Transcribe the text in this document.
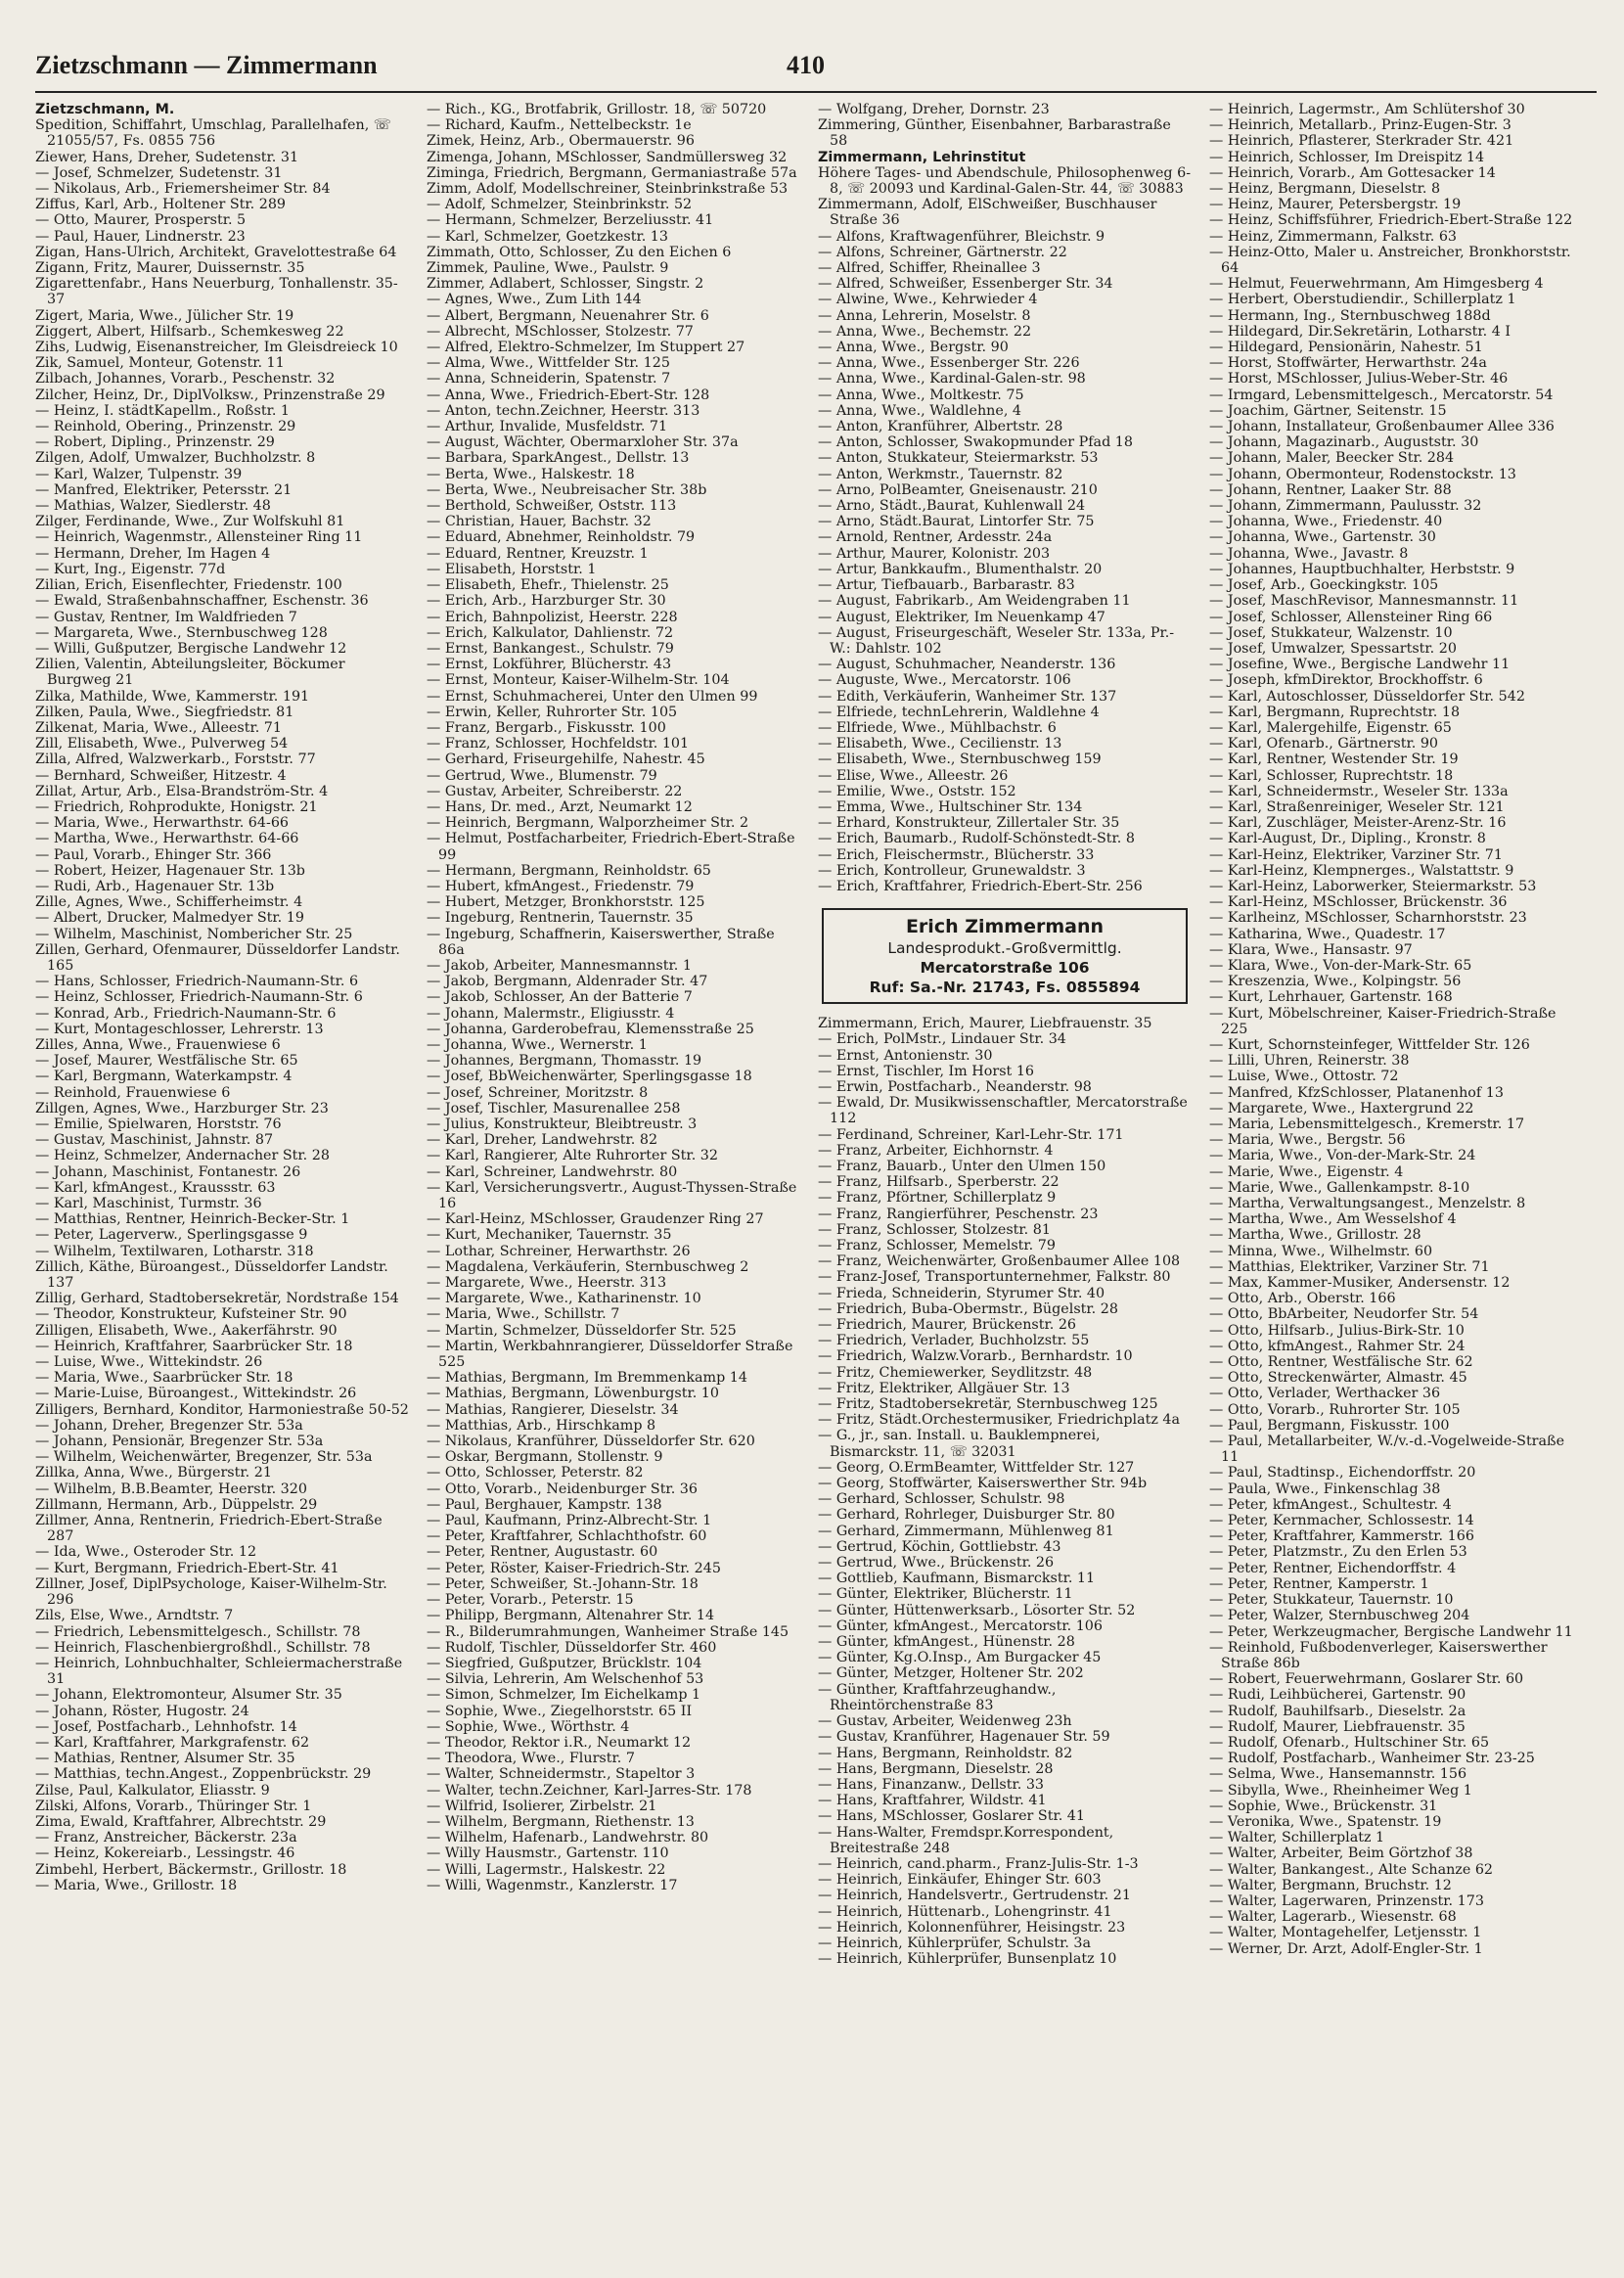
Zietzschmann — Zimmermann	410
Zietzschmann, M.
Spedition, Schiffahrt, Umschlag, Parallelhafen, ☏ 21055/57, Fs. 0855 756
Ziewer, Hans, Dreher, Sudetenstr. 31
— Josef, Schmelzer, Sudetenstr. 31
— Nikolaus, Arb., Friemersheimer Str. 84
Ziffus, Karl, Arb., Holtener Str. 289
— Otto, Maurer, Prosperstr. 5
— Paul, Hauer, Lindnerstr. 23
Zigan, Hans-Ulrich, Architekt, Gravelottestraße 64
Zigann, Fritz, Maurer, Duissernstr. 35
Zigarettenfabr., Hans Neuerburg, Tonhallenstr. 35-37
Zigert, Maria, Wwe., Jülicher Str. 19
Ziggert, Albert, Hilfsarb., Schemkesweg 22
Zihs, Ludwig, Eisenanstreicher, Im Gleisdreieck 10
Zik, Samuel, Monteur, Gotenstr. 11
Zilbach, Johannes, Vorarb., Peschenstr. 32
Zilcher, Heinz, Dr., DiplVolksw., Prinzenstraße 29
— Heinz, I. städtKapellm., Roßstr. 1
— Reinhold, Obering., Prinzenstr. 29
— Robert, Dipling., Prinzenstr. 29
Zilgen, Adolf, Umwalzer, Buchholzstr. 8
— Karl, Walzer, Tulpenstr. 39
— Manfred, Elektriker, Petersstr. 21
— Mathias, Walzer, Siedlerstr. 48
Zilger, Ferdinande, Wwe., Zur Wolfskuhl 81
— Heinrich, Wagenmstr., Allensteiner Ring 11
— Hermann, Dreher, Im Hagen 4
— Kurt, Ing., Eigenstr. 77d
Zilian, Erich, Eisenflechter, Friedenstr. 100
— Ewald, Straßenbahnschaffner, Eschenstr. 36
— Gustav, Rentner, Im Waldfrieden 7
— Margareta, Wwe., Sternbuschweg 128
— Willi, Gußputzer, Bergische Landwehr 12
Zilien, Valentin, Abteilungsleiter, Böckumer Burgweg 21
Zilka, Mathilde, Wwe, Kammerstr. 191
Zilken, Paula, Wwe., Siegfriedstr. 81
Zilkenat, Maria, Wwe., Alleestr. 71
Zill, Elisabeth, Wwe., Pulverweg 54
Zilla, Alfred, Walzwerkarb., Forststr. 77
— Bernhard, Schweißer, Hitzestr. 4
Zillat, Artur, Arb., Elsa-Brandström-Str. 4
— Friedrich, Rohprodukte, Honigstr. 21
— Maria, Wwe., Herwarthstr. 64-66
— Martha, Wwe., Herwarthstr. 64-66
— Paul, Vorarb., Ehinger Str. 366
— Robert, Heizer, Hagenauer Str. 13b
— Rudi, Arb., Hagenauer Str. 13b
Zille, Agnes, Wwe., Schifferheimstr. 4
— Albert, Drucker, Malmedyer Str. 19
— Wilhelm, Maschinist, Nombericher Str. 25
Zillen, Gerhard, Ofenmaurer, Düsseldorfer Landstr. 165
— Hans, Schlosser, Friedrich-Naumann-Str. 6
— Heinz, Schlosser, Friedrich-Naumann-Str. 6
— Konrad, Arb., Friedrich-Naumann-Str. 6
— Kurt, Montageschlosser, Lehrerstr. 13
Zilles, Anna, Wwe., Frauenwiese 6
— Josef, Maurer, Westfälische Str. 65
— Karl, Bergmann, Waterkampstr. 4
— Reinhold, Frauenwiese 6
Zillgen, Agnes, Wwe., Harzburger Str. 23
— Emilie, Spielwaren, Horststr. 76
— Gustav, Maschinist, Jahnstr. 87
— Heinz, Schmelzer, Andernacher Str. 28
— Johann, Maschinist, Fontanestr. 26
— Karl, kfmAngest., Kraussstr. 63
— Karl, Maschinist, Turmstr. 36
— Matthias, Rentner, Heinrich-Becker-Str. 1
— Peter, Lagerverw., Sperlingsgasse 9
— Wilhelm, Textilwaren, Lotharstr. 318
Zillich, Käthe, Büroangest., Düsseldorfer Landstr. 137
Zillig, Gerhard, Stadtobersekretär, Nordstraße 154
— Theodor, Konstrukteur, Kufsteiner Str. 90
Zilligen, Elisabeth, Wwe., Aakerfährstr. 90
— Heinrich, Kraftfahrer, Saarbrücker Str. 18
— Luise, Wwe., Wittekindstr. 26
— Maria, Wwe., Saarbrücker Str. 18
— Marie-Luise, Büroangest., Wittekindstr. 26
Zilligers, Bernhard, Konditor, Harmoniestraße 50-52
— Johann, Dreher, Bregenzer Str. 53a
— Johann, Pensionär, Bregenzer Str. 53a
— Wilhelm, Weichenwärter, Bregenzer, Str. 53a
Zillka, Anna, Wwe., Bürgerstr. 21
— Wilhelm, B.B.Beamter, Heerstr. 320
Zillmann, Hermann, Arb., Düppelstr. 29
Zillmer, Anna, Rentnerin, Friedrich-Ebert-Straße 287
— Ida, Wwe., Osteroder Str. 12
— Kurt, Bergmann, Friedrich-Ebert-Str. 41
Zillner, Josef, DiplPsychologe, Kaiser-Wilhelm-Str. 296
Zils, Else, Wwe., Arndtstr. 7
— Friedrich, Lebensmittelgesch., Schillstr. 78
— Heinrich, Flaschenbiergroßhdl., Schillstr. 78
— Heinrich, Lohnbuchhalter, Schleiermacherstraße 31
— Johann, Elektromonteur, Alsumer Str. 35
— Johann, Röster, Hugostr. 24
— Josef, Postfacharb., Lehnhofstr. 14
— Karl, Kraftfahrer, Markgrafenstr. 62
— Mathias, Rentner, Alsumer Str. 35
— Matthias, techn.Angest., Zoppenbrückstr. 29
Zilse, Paul, Kalkulator, Eliasstr. 9
Zilski, Alfons, Vorarb., Thüringer Str. 1
Zima, Ewald, Kraftfahrer, Albrechtstr. 29
— Franz, Anstreicher, Bäckerstr. 23a
— Heinz, Kokereiarb., Lessingstr. 46
Zimbehl, Herbert, Bäckermstr., Grillostr. 18
— Maria, Wwe., Grillostr. 18
— Rich., KG., Brotfabrik, Grillostr. 18, ☏ 50720
— Richard, Kaufm., Nettelbeckstr. 1e
Zimek, Heinz, Arb., Obermauerstr. 96
Zimenga, Johann, MSchlosser, Sandmüllersweg 32
Ziminga, Friedrich, Bergmann, Germaniastraße 57a
Zimm, Adolf, Modellschreiner, Steinbrinkstraße 53
— Adolf, Schmelzer, Steinbrinkstr. 52
— Hermann, Schmelzer, Berzeliusstr. 41
— Karl, Schmelzer, Goetzkestr. 13
Zimmath, Otto, Schlosser, Zu den Eichen 6
Zimmek, Pauline, Wwe., Paulstr. 9
Zimmer, Adlabert, Schlosser, Singstr. 2
— Agnes, Wwe., Zum Lith 144
— Albert, Bergmann, Neuenahrer Str. 6
— Albrecht, MSchlosser, Stolzestr. 77
— Alfred, Elektro-Schmelzer, Im Stuppert 27
— Alma, Wwe., Wittfelder Str. 125
— Anna, Schneiderin, Spatenstr. 7
— Anna, Wwe., Friedrich-Ebert-Str. 128
— Anton, techn.Zeichner, Heerstr. 313
— Arthur, Invalide, Musfeldstr. 71
— August, Wächter, Obermarxloher Str. 37a
— Barbara, SparkAngest., Dellstr. 13
— Berta, Wwe., Halskestr. 18
— Berta, Wwe., Neubreisacher Str. 38b
— Berthold, Schweißer, Oststr. 113
— Christian, Hauer, Bachstr. 32
— Eduard, Abnehmer, Reinholdstr. 79
— Eduard, Rentner, Kreuzstr. 1
— Elisabeth, Horststr. 1
— Elisabeth, Ehefr., Thielenstr. 25
— Erich, Arb., Harzburger Str. 30
— Erich, Bahnpolizist, Heerstr. 228
— Erich, Kalkulator, Dahlienstr. 72
— Ernst, Bankangest., Schulstr. 79
— Ernst, Lokführer, Blücherstr. 43
— Ernst, Monteur, Kaiser-Wilhelm-Str. 104
— Ernst, Schuhmacherei, Unter den Ulmen 99
— Erwin, Keller, Ruhrorter Str. 105
— Franz, Bergarb., Fiskusstr. 100
— Franz, Schlosser, Hochfeldstr. 101
— Gerhard, Friseurgehilfe, Nahestr. 45
— Gertrud, Wwe., Blumenstr. 79
— Gustav, Arbeiter, Schreiberstr. 22
— Hans, Dr. med., Arzt, Neumarkt 12
— Heinrich, Bergmann, Walporzheimer Str. 2
— Helmut, Postfacharbeiter, Friedrich-Ebert-Straße 99
— Hermann, Bergmann, Reinholdstr. 65
— Hubert, kfmAngest., Friedenstr. 79
— Hubert, Metzger, Bronkhorststr. 125
— Ingeburg, Rentnerin, Tauernstr. 35
— Ingeburg, Schaffnerin, Kaiserswerther, Straße 86a
— Jakob, Arbeiter, Mannesmannstr. 1
— Jakob, Bergmann, Aldenrader Str. 47
— Jakob, Schlosser, An der Batterie 7
— Johann, Malermstr., Eligiusstr. 4
— Johanna, Garderobefrau, Klemensstraße 25
— Johanna, Wwe., Wernerstr. 1
— Johannes, Bergmann, Thomasstr. 19
— Josef, BbWeichenwärter, Sperlingsgasse 18
— Josef, Schreiner, Moritzstr. 8
— Josef, Tischler, Masurenallee 258
— Julius, Konstrukteur, Bleibtreustr. 3
— Karl, Dreher, Landwehrstr. 82
— Karl, Rangierer, Alte Ruhrorter Str. 32
— Karl, Schreiner, Landwehrstr. 80
— Karl, Versicherungsvertr., August-Thyssen-Straße 16
— Karl-Heinz, MSchlosser, Graudenzer Ring 27
— Kurt, Mechaniker, Tauernstr. 35
— Lothar, Schreiner, Herwarthstr. 26
— Magdalena, Verkäuferin, Sternbuschweg 2
— Margarete, Wwe., Heerstr. 313
— Margarete, Wwe., Katharinenstr. 10
— Maria, Wwe., Schillstr. 7
— Martin, Schmelzer, Düsseldorfer Str. 525
— Martin, Werkbahnrangierer, Düsseldorfer Straße 525
— Mathias, Bergmann, Im Bremmenkamp 14
— Mathias, Bergmann, Löwenburgstr. 10
— Mathias, Rangierer, Dieselstr. 34
— Matthias, Arb., Hirschkamp 8
— Nikolaus, Kranführer, Düsseldorfer Str. 620
— Oskar, Bergmann, Stollenstr. 9
— Otto, Schlosser, Peterstr. 82
— Otto, Vorarb., Neidenburger Str. 36
— Paul, Berghauer, Kampstr. 138
— Paul, Kaufmann, Prinz-Albrecht-Str. 1
— Peter, Kraftfahrer, Schlachthofstr. 60
— Peter, Rentner, Augustastr. 60
— Peter, Röster, Kaiser-Friedrich-Str. 245
— Peter, Schweißer, St.-Johann-Str. 18
— Peter, Vorarb., Peterstr. 15
— Philipp, Bergmann, Altenahrer Str. 14
— R., Bilderumrahmungen, Wanheimer Straße 145
— Rudolf, Tischler, Düsseldorfer Str. 460
— Siegfried, Gußputzer, Brücklstr. 104
— Silvia, Lehrerin, Am Welschenhof 53
— Simon, Schmelzer, Im Eichelkamp 1
— Sophie, Wwe., Ziegelhorststr. 65 II
— Sophie, Wwe., Wörthstr. 4
— Theodor, Rektor i.R., Neumarkt 12
— Theodora, Wwe., Flurstr. 7
— Walter, Schneidermstr., Stapeltor 3
— Walter, techn.Zeichner, Karl-Jarres-Str. 178
— Wilfrid, Isolierer, Zirbelstr. 21
— Wilhelm, Bergmann, Riethenstr. 13
— Wilhelm, Hafenarb., Landwehrstr. 80
— Willy Hausmstr., Gartenstr. 110
— Willi, Lagermstr., Halskestr. 22
— Willi, Wagenmstr., Kanzlerstr. 17
— Wolfgang, Dreher, Dornstr. 23
Zimmering, Günther, Eisenbahner, Barbarastraße 58
Zimmermann, Lehrinstitut
Höhere Tages- und Abendschule, Philosophenweg 6-8, ☏ 20093 und Kardinal-Galen-Str. 44, ☏ 30883
Zimmermann, Adolf, ElSchweißer, Buschhauser Straße 36
— Alfons, Kraftwagenführer, Bleichstr. 9
— Alfons, Schreiner, Gärtnerstr. 22
— Alfred, Schiffer, Rheinallee 3
— Alfred, Schweißer, Essenberger Str. 34
— Alwine, Wwe., Kehrwieder 4
— Anna, Lehrerin, Moselstr. 8
— Anna, Wwe., Bechemstr. 22
— Anna, Wwe., Bergstr. 90
— Anna, Wwe., Essenberger Str. 226
— Anna, Wwe., Kardinal-Galen-str. 98
— Anna, Wwe., Moltkestr. 75
— Anna, Wwe., Waldlehne, 4
— Anton, Kranführer, Albertstr. 28
— Anton, Schlosser, Swakopmunder Pfad 18
— Anton, Stukkateur, Steiermarkstr. 53
— Anton, Werkmstr., Tauernstr. 82
— Arno, PolBeamter, Gneisenaustr. 210
— Arno, Städt.,Baurat, Kuhlenwall 24
— Arno, Städt.Baurat, Lintorfer Str. 75
— Arnold, Rentner, Ardesstr. 24a
— Arthur, Maurer, Kolonistr. 203
— Artur, Bankkaufm., Blumenthalstr. 20
— Artur, Tiefbauarb., Barbarastr. 83
— August, Fabrikarb., Am Weidengraben 11
— August, Elektriker, Im Neuenkamp 47
— August, Friseurgeschäft, Weseler Str. 133a, Pr.-W.: Dahlstr. 102
— August, Schuhmacher, Neanderstr. 136
— Auguste, Wwe., Mercatorstr. 106
— Edith, Verkäuferin, Wanheimer Str. 137
— Elfriede, technLehrerin, Waldlehne 4
— Elfriede, Wwe., Mühlbachstr. 6
— Elisabeth, Wwe., Cecilienstr. 13
— Elisabeth, Wwe., Sternbuschweg 159
— Elise, Wwe., Alleestr. 26
— Emilie, Wwe., Oststr. 152
— Emma, Wwe., Hultschiner Str. 134
— Erhard, Konstrukteur, Zillertaler Str. 35
— Erich, Baumarb., Rudolf-Schönstedt-Str. 8
— Erich, Fleischermstr., Blücherstr. 33
— Erich, Kontrolleur, Grunewaldstr. 3
— Erich, Kraftfahrer, Friedrich-Ebert-Str. 256
Erich Zimmermann
Landesprodukt.-Großvermittlg.
Mercatorstraße 106
Ruf: Sa.-Nr. 21743, Fs. 0855894
Zimmermann, Erich, Maurer, Liebfrauenstr. 35
— Erich, PolMstr., Lindauer Str. 34
— Ernst, Antonienstr. 30
— Ernst, Tischler, Im Horst 16
— Erwin, Postfacharb., Neanderstr. 98
— Ewald, Dr. Musikwissenschaftler, Mercatorstraße 112
— Ferdinand, Schreiner, Karl-Lehr-Str. 171
— Franz, Arbeiter, Eichhornstr. 4
— Franz, Bauarb., Unter den Ulmen 150
— Franz, Hilfsarb., Sperberstr. 22
— Franz, Pförtner, Schillerplatz 9
— Franz, Rangierführer, Peschenstr. 23
— Franz, Schlosser, Stolzestr. 81
— Franz, Schlosser, Memelstr. 79
— Franz, Weichenwärter, Großenbaumer Allee 108
— Franz-Josef, Transportunternehmer, Falkstr. 80
— Frieda, Schneiderin, Styrumer Str. 40
— Friedrich, Buba-Obermstr., Bügelstr. 28
— Friedrich, Maurer, Brückenstr. 26
— Friedrich, Verlader, Buchholzstr. 55
— Friedrich, Walzw.Vorarb., Bernhardstr. 10
— Fritz, Chemiewerker, Seydlitzstr. 48
— Fritz, Elektriker, Allgäuer Str. 13
— Fritz, Stadtobersekretär, Sternbuschweg 125
— Fritz, Städt.Orchestermusiker, Friedrichplatz 4a
— G., jr., san. Install. u. Bauklempnerei, Bismarckstr. 11, ☏ 32031
— Georg, O.ErmBeamter, Wittfelder Str. 127
— Georg, Stoffwärter, Kaiserswerther Str. 94b
— Gerhard, Schlosser, Schulstr. 98
— Gerhard, Rohrleger, Duisburger Str. 80
— Gerhard, Zimmermann, Mühlenweg 81
— Gertrud, Köchin, Gottliebstr. 43
— Gertrud, Wwe., Brückenstr. 26
— Gottlieb, Kaufmann, Bismarckstr. 11
— Günter, Elektriker, Blücherstr. 11
— Günter, Hüttenwerksarb., Lösorter Str. 52
— Günter, kfmAngest., Mercatorstr. 106
— Günter, kfmAngest., Hünenstr. 28
— Günter, Kg.O.Insp., Am Burgacker 45
— Günter, Metzger, Holtener Str. 202
— Günther, Kraftfahrzeughandw., Rheintörchenstraße 83
— Gustav, Arbeiter, Weidenweg 23h
— Gustav, Kranführer, Hagenauer Str. 59
— Hans, Bergmann, Reinholdstr. 82
— Hans, Bergmann, Dieselstr. 28
— Hans, Finanzanw., Dellstr. 33
— Hans, Kraftfahrer, Wildstr. 41
— Hans, MSchlosser, Goslarer Str. 41
— Hans-Walter, Fremdspr.Korrespondent, Breitestraße 248
— Heinrich, cand.pharm., Franz-Julis-Str. 1-3
— Heinrich, Einkäufer, Ehinger Str. 603
— Heinrich, Handelsvertr., Gertrudenstr. 21
— Heinrich, Hüttenarb., Lohengrinstr. 41
— Heinrich, Kolonnenführer, Heisingstr. 23
— Heinrich, Kühlerprüfer, Schulstr. 3a
— Heinrich, Kühlerprüfer, Bunsenplatz 10
— Heinrich, Lagermstr., Am Schlütershof 30
— Heinrich, Metallarb., Prinz-Eugen-Str. 3
— Heinrich, Pflasterer, Sterkrader Str. 421
— Heinrich, Schlosser, Im Dreispitz 14
— Heinrich, Vorarb., Am Gottesacker 14
— Heinz, Bergmann, Dieselstr. 8
— Heinz, Maurer, Petersbergstr. 19
— Heinz, Schiffsführer, Friedrich-Ebert-Straße 122
— Heinz, Zimmermann, Falkstr. 63
— Heinz-Otto, Maler u. Anstreicher, Bronkhorststr. 64
— Helmut, Feuerwehrmann, Am Himgesberg 4
— Herbert, Oberstudiendir., Schillerplatz 1
— Hermann, Ing., Sternbuschweg 188d
— Hildegard, Dir.Sekretärin, Lotharstr. 4 I
— Hildegard, Pensionärin, Nahestr. 51
— Horst, Stoffwärter, Herwarthstr. 24a
— Horst, MSchlosser, Julius-Weber-Str. 46
— Irmgard, Lebensmittelgesch., Mercatorstr. 54
— Joachim, Gärtner, Seitenstr. 15
— Johann, Installateur, Großenbaumer Allee 336
— Johann, Magazinarb., Auguststr. 30
— Johann, Maler, Beecker Str. 284
— Johann, Obermonteur, Rodenstockstr. 13
— Johann, Rentner, Laaker Str. 88
— Johann, Zimmermann, Paulusstr. 32
— Johanna, Wwe., Friedenstr. 40
— Johanna, Wwe., Gartenstr. 30
— Johanna, Wwe., Javastr. 8
— Johannes, Hauptbuchhalter, Herbststr. 9
— Josef, Arb., Goeckingkstr. 105
— Josef, MaschRevisor, Mannesmannstr. 11
— Josef, Schlosser, Allensteiner Ring 66
— Josef, Stukkateur, Walzenstr. 10
— Josef, Umwalzer, Spessartstr. 20
— Josefine, Wwe., Bergische Landwehr 11
— Joseph, kfmDirektor, Brockhoffstr. 6
— Karl, Autoschlosser, Düsseldorfer Str. 542
— Karl, Bergmann, Ruprechtstr. 18
— Karl, Malergehilfe, Eigenstr. 65
— Karl, Ofenarb., Gärtnerstr. 90
— Karl, Rentner, Westender Str. 19
— Karl, Schlosser, Ruprechtstr. 18
— Karl, Schneidermstr., Weseler Str. 133a
— Karl, Straßenreiniger, Weseler Str. 121
— Karl, Zuschläger, Meister-Arenz-Str. 16
— Karl-August, Dr., Dipling., Kronstr. 8
— Karl-Heinz, Elektriker, Varziner Str. 71
— Karl-Heinz, Klempnerges., Walstattstr. 9
— Karl-Heinz, Laborwerker, Steiermarkstr. 53
— Karl-Heinz, MSchlosser, Brückenstr. 36
— Karlheinz, MSchlosser, Scharnhorststr. 23
— Katharina, Wwe., Quadestr. 17
— Klara, Wwe., Hansastr. 97
— Klara, Wwe., Von-der-Mark-Str. 65
— Kreszenzia, Wwe., Kolpingstr. 56
— Kurt, Lehrhauer, Gartenstr. 168
— Kurt, Möbelschreiner, Kaiser-Friedrich-Straße 225
— Kurt, Schornsteinfeger, Wittfelder Str. 126
— Lilli, Uhren, Reinerstr. 38
— Luise, Wwe., Ottostr. 72
— Manfred, KfzSchlosser, Platanenhof 13
— Margarete, Wwe., Haxtergrund 22
— Maria, Lebensmittelgesch., Kremerstr. 17
— Maria, Wwe., Bergstr. 56
— Maria, Wwe., Von-der-Mark-Str. 24
— Marie, Wwe., Eigenstr. 4
— Marie, Wwe., Gallenkampstr. 8-10
— Martha, Verwaltungsangest., Menzelstr. 8
— Martha, Wwe., Am Wesselshof 4
— Martha, Wwe., Grillostr. 28
— Minna, Wwe., Wilhelmstr. 60
— Matthias, Elektriker, Varziner Str. 71
— Max, Kammer-Musiker, Andersenstr. 12
— Otto, Arb., Oberstr. 166
— Otto, BbArbeiter, Neudorfer Str. 54
— Otto, Hilfsarb., Julius-Birk-Str. 10
— Otto, kfmAngest., Rahmer Str. 24
— Otto, Rentner, Westfälische Str. 62
— Otto, Streckenwärter, Almastr. 45
— Otto, Verlader, Werthacker 36
— Otto, Vorarb., Ruhrorter Str. 105
— Paul, Bergmann, Fiskusstr. 100
— Paul, Metallarbeiter, W./v.-d.-Vogelweide-Straße 11
— Paul, Stadtinsp., Eichendorffstr. 20
— Paula, Wwe., Finkenschlag 38
— Peter, kfmAngest., Schultestr. 4
— Peter, Kernmacher, Schlossestr. 14
— Peter, Kraftfahrer, Kammerstr. 166
— Peter, Platzmstr., Zu den Erlen 53
— Peter, Rentner, Eichendorffstr. 4
— Peter, Rentner, Kamperstr. 1
— Peter, Stukkateur, Tauernstr. 10
— Peter, Walzer, Sternbuschweg 204
— Peter, Werkzeugmacher, Bergische Landwehr 11
— Reinhold, Fußbodenverleger, Kaiserswerther Straße 86b
— Robert, Feuerwehrmann, Goslarer Str. 60
— Rudi, Leihbücherei, Gartenstr. 90
— Rudolf, Bauhilfsarb., Dieselstr. 2a
— Rudolf, Maurer, Liebfrauenstr. 35
— Rudolf, Ofenarb., Hultschiner Str. 65
— Rudolf, Postfacharb., Wanheimer Str. 23-25
— Selma, Wwe., Hansemannstr. 156
— Sibylla, Wwe., Rheinheimer Weg 1
— Sophie, Wwe., Brückenstr. 31
— Veronika, Wwe., Spatenstr. 19
— Walter, Schillerplatz 1
— Walter, Arbeiter, Beim Görtzhof 38
— Walter, Bankangest., Alte Schanze 62
— Walter, Bergmann, Bruchstr. 12
— Walter, Lagerwaren, Prinzenstr. 173
— Walter, Lagerarb., Wiesenstr. 68
— Walter, Montagehelfer, Letjensstr. 1
— Werner, Dr. Arzt, Adolf-Engler-Str. 1
